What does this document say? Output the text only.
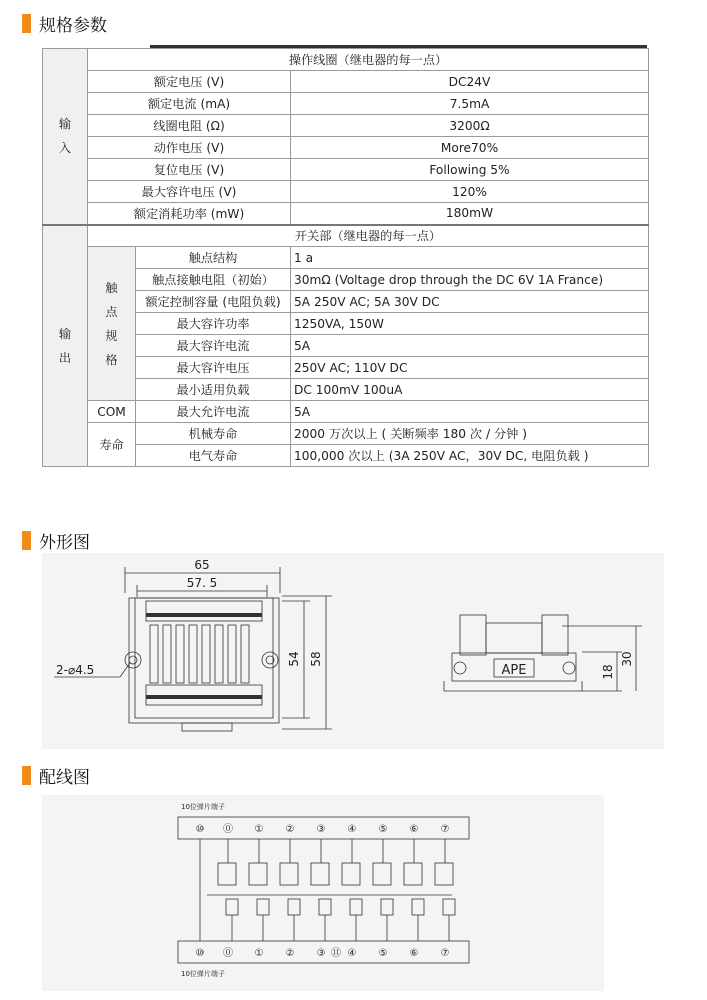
规格参数
输入	操作线圈（继电器的每一点）		
	额定电压 (V)		DC24V
	额定电流 (mA)		7.5mA
	线圈电阻 (Ω)		3200Ω
	动作电压 (V)		More70%
	复位电压 (V)		Following 5%
	最大容许电压 (V)		120%
	额定消耗功率 (mW)		180mW
输出	开关部（继电器的每一点）		
	触点规格	触点结构	1 a
		触点接触电阻（初始）	30mΩ (Voltage drop through the DC 6V 1A France)
		额定控制容量 (电阻负载)	5A 250V AC; 5A 30V DC
		最大容许功率	1250VA, 150W
		最大容许电流	5A
		最大容许电压	250V AC; 110V DC
		最小适用负载	DC 100mV 100uA
	COM	最大允许电流	5A
	寿命	机械寿命	2000 万次以上 ( 关断频率 180 次 / 分钟 )
		电气寿命	100,000 次以上 (3A 250V AC，30V DC, 电阻负载 )
外形图
65
57. 5
2-⌀4.5
54 58
18
30
APE
配线图
10位弹片端子
10位弹片端子
⑩ ⓪ ① ② ③ ④ ⑤ ⑥ ⑦
⑩ ⓪ ① ② ③ ⑪ ④ ⑤ ⑥ ⑦
